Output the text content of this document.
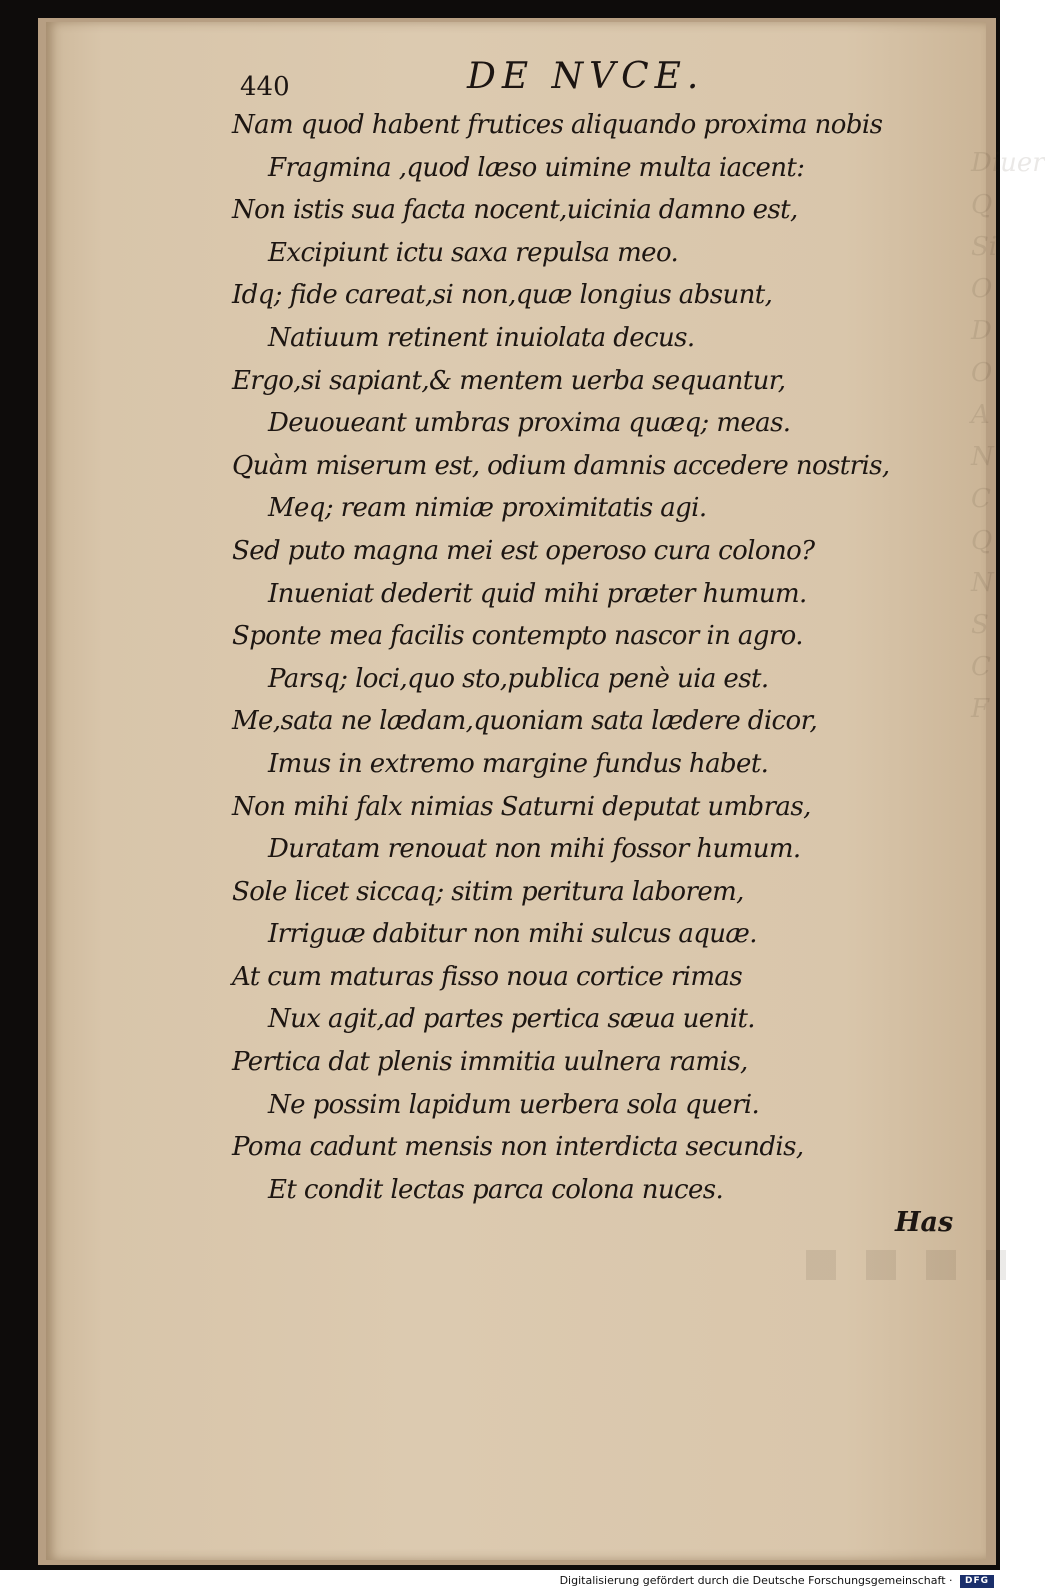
Diuer
Q
Si
O
D
O
A
N
C
Q
N
S
C
F
440	DE NVCE.
Nam quod habent frutices aliquando proxima nobis
Fragmina ,quod læso uimine multa iacent:
Non istis sua facta nocent,uicinia damno est,
Excipiunt ictu saxa repulsa meo.
Idq; fide careat,si non,quæ longius absunt,
Natiuum retinent inuiolata decus.
Ergo,si sapiant,& mentem uerba sequantur,
Deuoueant umbras proxima quæq; meas.
Quàm miserum est, odium damnis accedere nostris,
Meq; ream nimiæ proximitatis agi.
Sed puto magna mei est operoso cura colono?
Inueniat dederit quid mihi præter humum.
Sponte mea facilis contempto nascor in agro.
Parsq; loci,quo sto,publica penè uia est.
Me,sata ne lædam,quoniam sata lædere dicor,
Imus in extremo margine fundus habet.
Non mihi falx nimias Saturni deputat umbras,
Duratam renouat non mihi fossor humum.
Sole licet siccaq; sitim peritura laborem,
Irriguæ dabitur non mihi sulcus aquæ.
At cum maturas fisso noua cortice rimas
Nux agit,ad partes pertica sæua uenit.
Pertica dat plenis immitia uulnera ramis,
Ne possim lapidum uerbera sola queri.
Poma cadunt mensis non interdicta secundis,
Et condit lectas parca colona nuces.
Has
Digitalisierung gefördert durch die Deutsche Forschungsgemeinschaft · DFG
